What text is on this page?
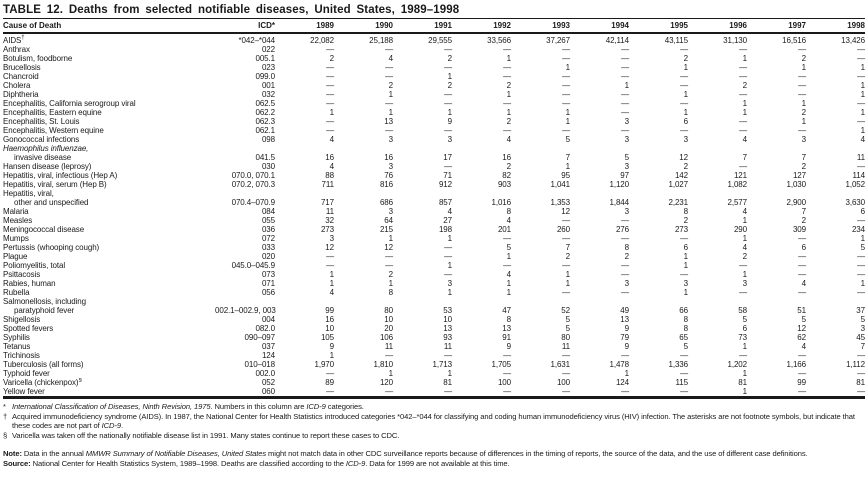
TABLE 12. Deaths from selected notifiable diseases, United States, 1989–1998
Cause of Death	ICD*	1989	1990	1991	1992	1993	1994	1995	1996	1997	1998
AIDS†	*042–*044	22,082	25,188	29,555	33,566	37,267	42,114	43,115	31,130	16,516	13,426
Anthrax	022	—	—	—	—	—	—	—	—	—	—
Botulism, foodborne	005.1	2	4	2	1	—	—	2	1	2	—
Brucellosis	023	—	—	—	—	1	—	1	—	1	1
Chancroid	099.0	—	—	1	—	—	—	—	—	—	—
Cholera	001	—	2	2	2	—	1	—	2	—	1
Diphtheria	032	—	1	—	1	—	—	1	—	—	1
Encephalitis, California serogroup viral	062.5	—	—	—	—	—	—	—	1	1	—
Encephalitis, Eastern equine	062.2	1	1	1	1	1	—	1	1	2	1
Encephalitis, St. Louis	062.3	—	13	9	2	1	3	6	—	1	—
Encephalitis, Western equine	062.1	—	—	—	—	—	—	—	—	—	1
Gonococcal infections	098	4	3	3	4	5	3	3	4	3	4
Haemophilus influenzae,											
invasive disease	041.5	16	16	17	16	7	5	12	7	7	11
Hansen disease (leprosy)	030	4	3	—	2	1	3	2	—	2	—
Hepatitis, viral, infectious (Hep A)	070.0, 070.1	88	76	71	82	95	97	142	121	127	114
Hepatitis, viral, serum (Hep B)	070.2, 070.3	711	816	912	903	1,041	1,120	1,027	1,082	1,030	1,052
Hepatitis, viral,											
other and unspecified	070.4–070.9	717	686	857	1,016	1,353	1,844	2,231	2,577	2,900	3,630
Malaria	084	11	3	4	8	12	3	8	4	7	6
Measles	055	32	64	27	4	—	—	2	1	2	—
Meningococcal disease	036	273	215	198	201	260	276	273	290	309	234
Mumps	072	3	1	1	—	—	—	—	1	—	1
Pertussis (whooping cough)	033	12	12	—	5	7	8	6	4	6	5
Plague	020	—	—	—	1	2	2	1	2	—	—
Poliomyelitis, total	045.0–045.9	—	—	1	—	—	—	1	—	—	—
Psittacosis	073	1	2	—	4	1	—	—	1	—	—
Rabies, human	071	1	1	3	1	1	3	3	3	4	1
Rubella	056	4	8	1	1	—	—	1	—	—	—
Salmonellosis, including											
paratyphoid fever	002.1–002.9, 003	99	80	53	47	52	49	66	58	51	37
Shigellosis	004	16	10	10	8	5	13	8	5	5	5
Spotted fevers	082.0	10	20	13	13	5	9	8	6	12	3
Syphilis	090–097	105	106	93	91	80	79	65	73	62	45
Tetanus	037	9	11	11	9	11	9	5	1	4	7
Trichinosis	124	1	—	—	—	—	—	—	—	—	—
Tuberculosis (all forms)	010–018	1,970	1,810	1,713	1,705	1,631	1,478	1,336	1,202	1,166	1,112
Typhoid fever	002.0	—	1	1	—	—	1	—	1	—	—
Varicella (chickenpox)§	052	89	120	81	100	100	124	115	81	99	81
Yellow fever	060	—	—	—	—	—	—	—	1	—	—
* International Classification of Diseases, Ninth Revision, 1975. Numbers in this column are ICD-9 categories.
† Acquired immunodeficiency syndrome (AIDS). In 1987, the National Center for Health Statistics introduced categories *042–*044 for classifying and coding human immunodeficiency virus (HIV) infection. The asterisks are not footnote symbols, but indicate that these codes are not part of ICD-9.
§ Varicella was taken off the nationally notifiable disease list in 1991. Many states continue to report these cases to CDC.
Note: Data in the annual MMWR Summary of Notifiable Diseases, United States might not match data in other CDC surveillance reports because of differences in the timing of reports, the source of the data, and the use of different case definitions.
Source: National Center for Health Statistics System, 1989–1998. Deaths are classified according to the ICD-9. Data for 1999 are not available at this time.
